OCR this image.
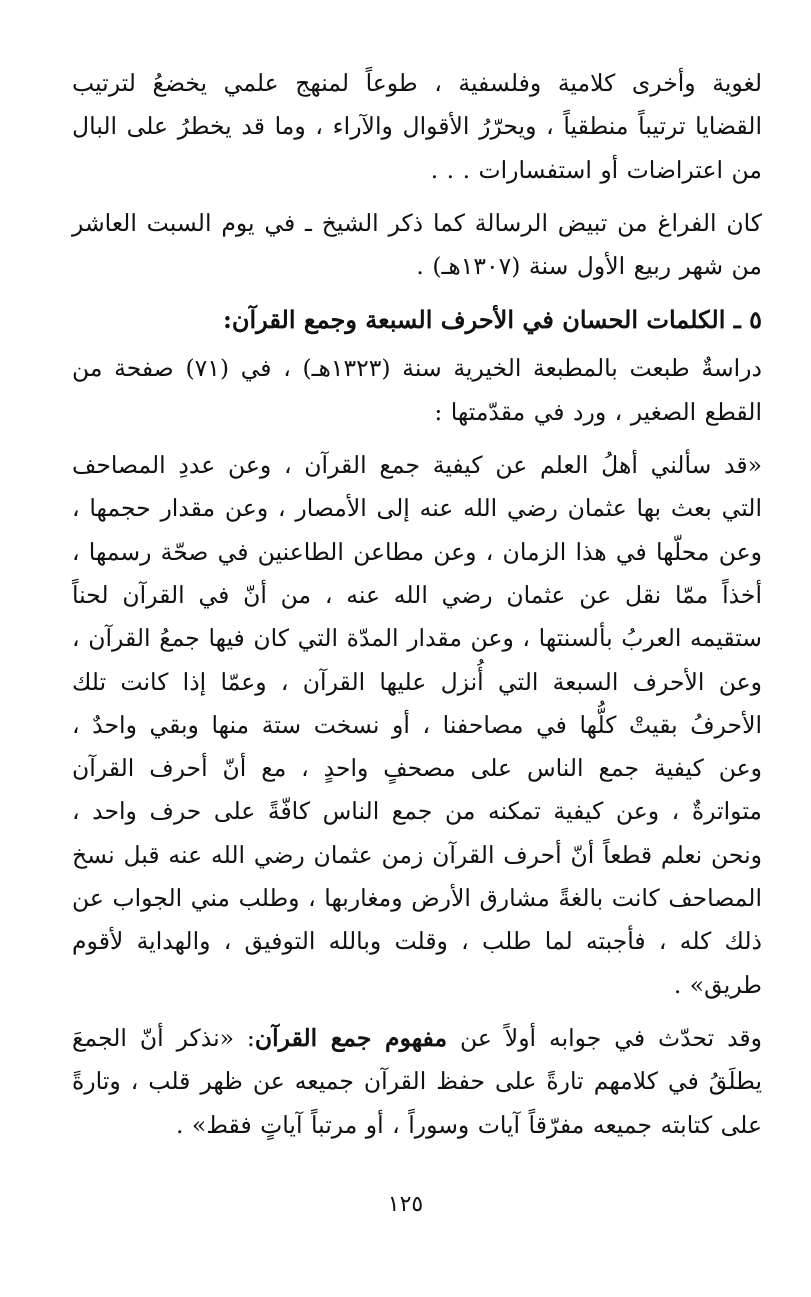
لغوية وأخرى كلامية وفلسفية ، طوعاً لمنهج علمي يخضعُ لترتيب القضايا ترتيباً منطقياً ، ويحرّرُ الأقوال والآراء ، وما قد يخطرُ على البال من اعتراضات أو استفسارات . . .

كان الفراغ من تبيض الرسالة كما ذكر الشيخ ـ في يوم السبت العاشر من شهر ربيع الأول سنة (١٣٠٧هـ) .

٥ ـ الكلمات الحسان في الأحرف السبعة وجمع القرآن:

دراسةٌ طبعت بالمطبعة الخيرية سنة (١٣٢٣هـ) ، في (٧١) صفحة من القطع الصغير ، ورد في مقدّمتها :

«قد سألني أهلُ العلم عن كيفية جمع القرآن ، وعن عددِ المصاحف التي بعث بها عثمان رضي الله عنه إلى الأمصار ، وعن مقدار حجمها ، وعن محلّها في هذا الزمان ، وعن مطاعن الطاعنين في صحّة رسمها ، أخذاً ممّا نقل عن عثمان رضي الله عنه ، من أنّ في القرآن لحناً ستقيمه العربُ بألسنتها ، وعن مقدار المدّة التي كان فيها جمعُ القرآن ، وعن الأحرف السبعة التي أُنزل عليها القرآن ، وعمّا إذا كانت تلك الأحرفُ بقيتْ كلُّها في مصاحفنا ، أو نسخت ستة منها وبقي واحدٌ ، وعن كيفية جمع الناس على مصحفٍ واحدٍ ، مع أنّ أحرف القرآن متواترةٌ ، وعن كيفية تمكنه من جمع الناس كافّةً على حرف واحد ، ونحن نعلم قطعاً أنّ أحرف القرآن زمن عثمان رضي الله عنه قبل نسخ المصاحف كانت بالغةً مشارق الأرض ومغاربها ، وطلب مني الجواب عن ذلك كله ، فأجبته لما طلب ، وقلت وبالله التوفيق ، والهداية لأقوم طريق» .

وقد تحدّث في جوابه أولاً عن مفهوم جمع القرآن: «نذكر أنّ الجمعَ يطلَقُ في كلامهم تارةً على حفظ القرآن جميعه عن ظهر قلب ، وتارةً على كتابته جميعه مفرّقاً آيات وسوراً ، أو مرتباً آياتٍ فقط» .

١٢٥
